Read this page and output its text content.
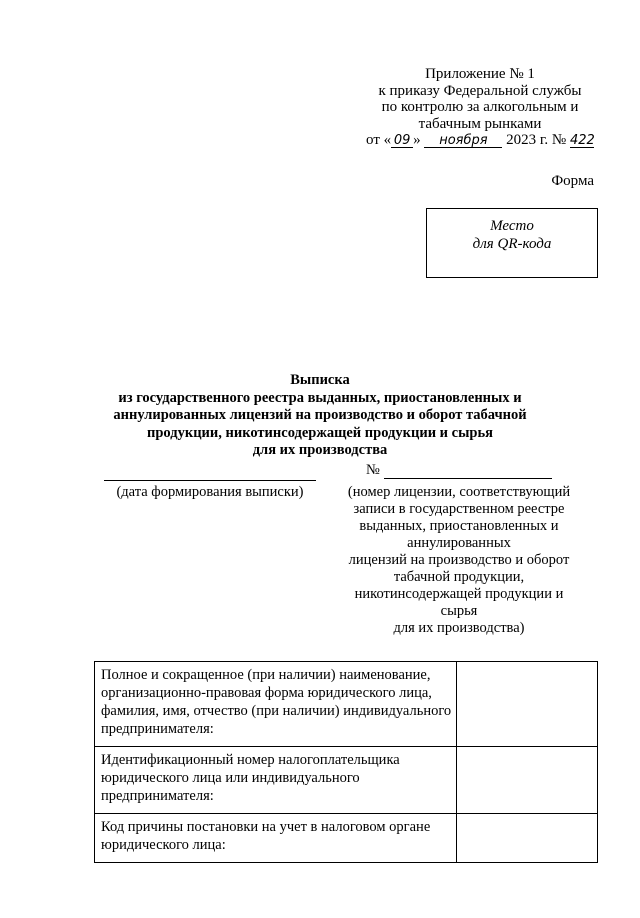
Приложение № 1
к приказу Федеральной службы
по контролю за алкогольным и
табачным рынками
от « 09 » ноября 2023 г. № 422
Форма
Место
для QR-кода
Выписка
из государственного реестра выданных, приостановленных и
аннулированных лицензий на производство и оборот табачной
продукции, никотинсодержащей продукции и сырья
для их производства
(дата формирования выписки)
№
(номер лицензии, соответствующий
записи в государственном реестре
выданных, приостановленных и
аннулированных
лицензий на производство и оборот
табачной продукции,
никотинсодержащей продукции и
сырья
для их производства)
Полное и сокращенное (при наличии) наименование, организационно-правовая форма юридического лица, фамилия, имя, отчество (при наличии) индивидуального предпринимателя:	
Идентификационный номер налогоплательщика юридического лица или индивидуального предпринимателя:	
Код причины постановки на учет в налоговом органе юридического лица:	
